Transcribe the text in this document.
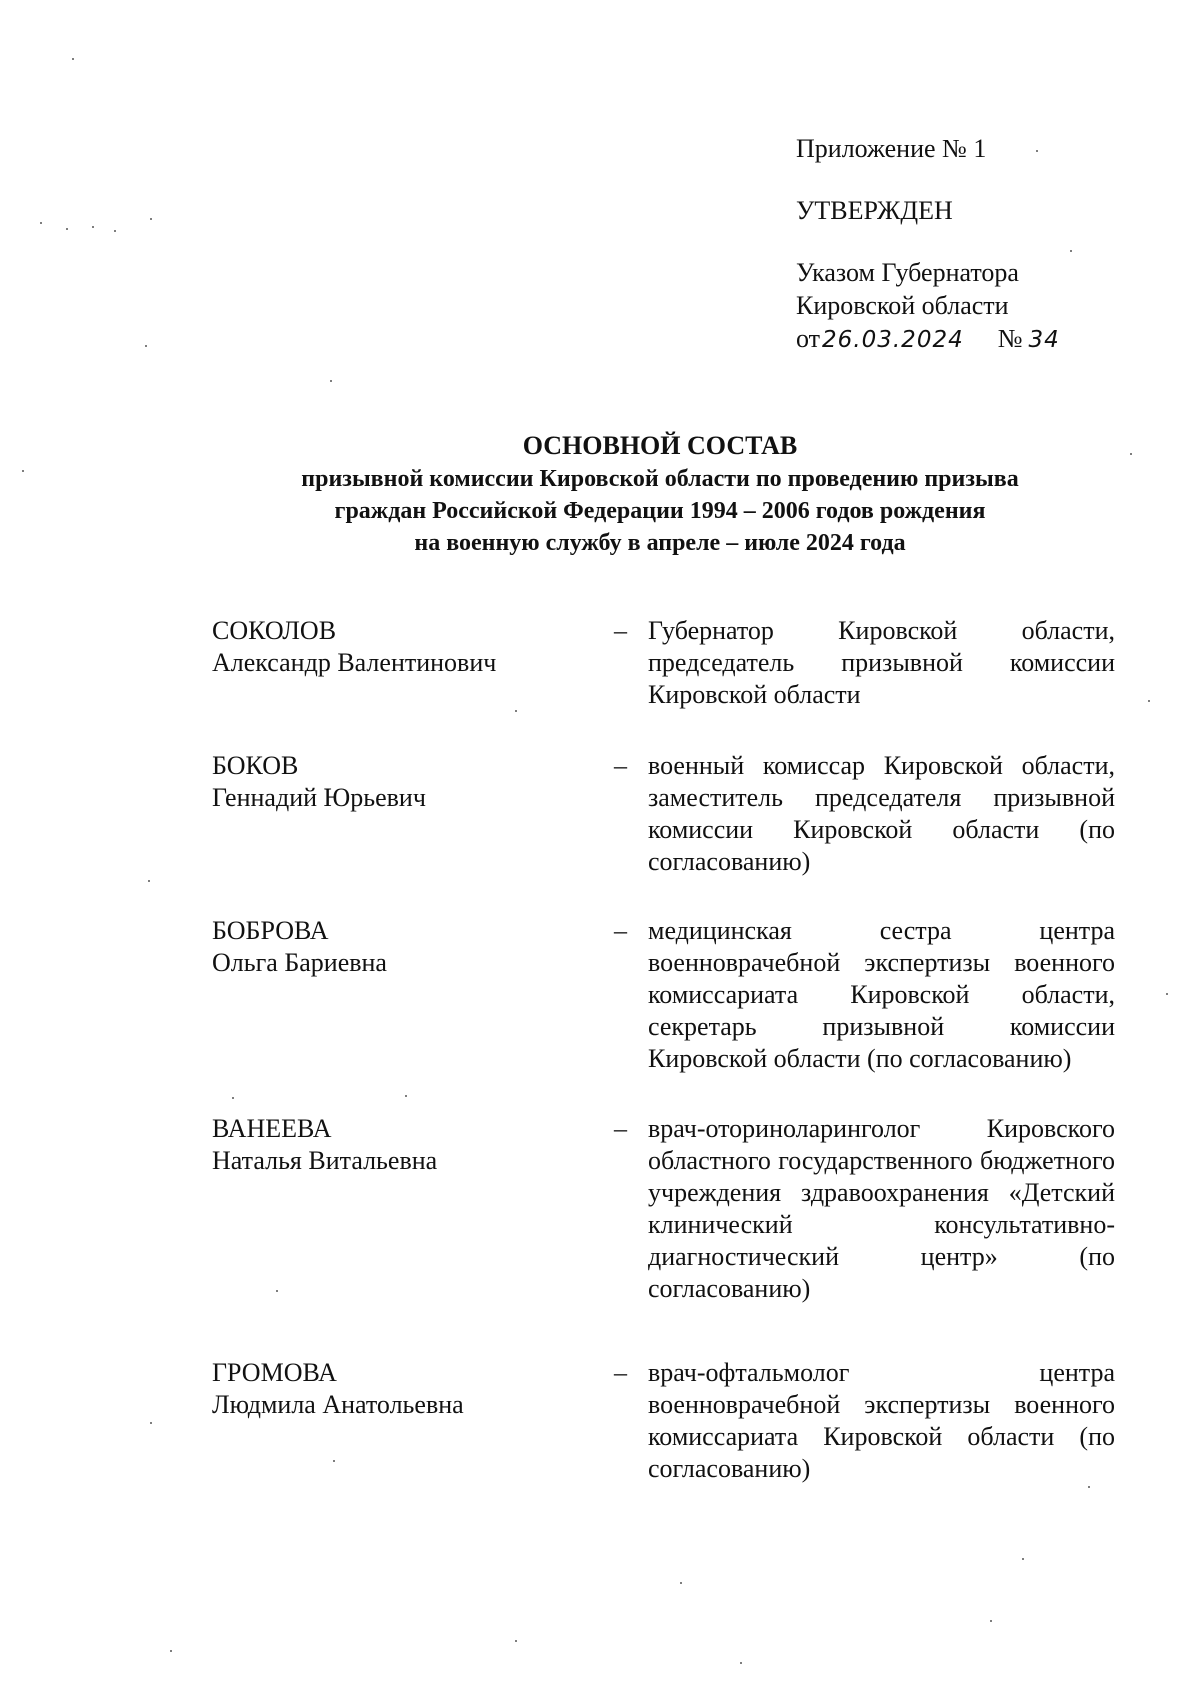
Приложение № 1

УТВЕРЖДЕН

Указом Губернатора

Кировской области

от 26.03.2024 № 34

ОСНОВНОЙ СОСТАВ
призывной комиссии Кировской области по проведению призыва
граждан Российской Федерации 1994 – 2006 годов рождения
на военную службу в апреле – июле 2024 года
СОКОЛОВ
Александр Валентинович
– Губернатор Кировской области, председатель призывной комиссии Кировской области
БОКОВ
Геннадий Юрьевич
– военный комиссар Кировской области, заместитель председателя призывной комиссии Кировской области (по согласованию)
БОБРОВА
Ольга Бариевна
– медицинская сестра центра военноврачебной экспертизы военного комиссариата Кировской области, секретарь призывной комиссии Кировской области (по согласованию)
ВАНЕЕВА
Наталья Витальевна
– врач-оториноларинголог Кировского областного государственного бюджетного учреждения здравоохранения «Детский клинический консультативно-диагностический центр» (по согласованию)
ГРОМОВА
Людмила Анатольевна
– врач-офтальмолог центра военноврачебной экспертизы военного комиссариата Кировской области (по согласованию)
